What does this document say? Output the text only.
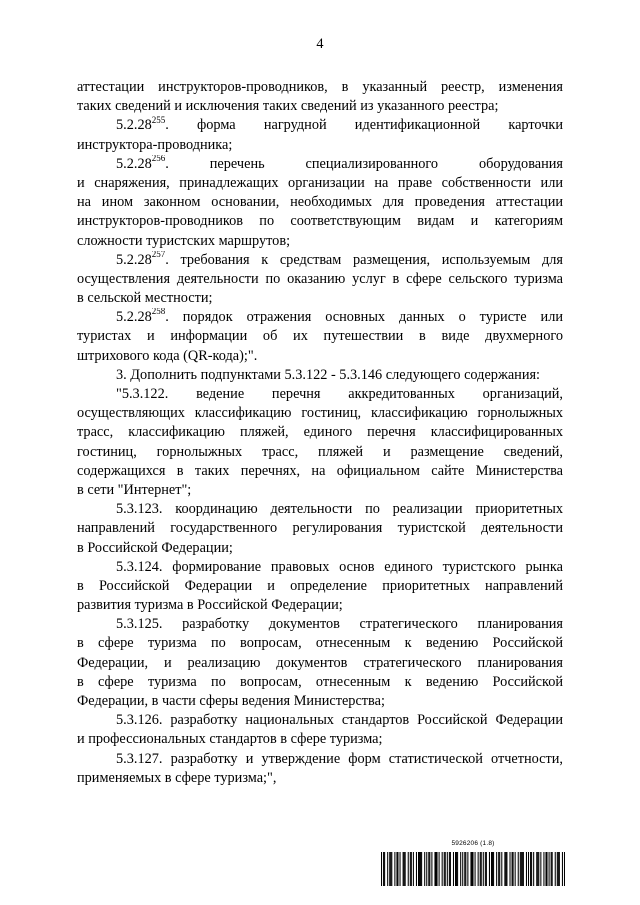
4
аттестации инструкторов-проводников, в указанный реестр, изменения
таких сведений и исключения таких сведений из указанного реестра;
5.2.28$^{255}$. форма нагрудной идентификационной карточки
инструктора-проводника;
5.2.28$^{256}$. перечень специализированного оборудования
и снаряжения, принадлежащих организации на праве собственности или
на ином законном основании, необходимых для проведения аттестации
инструкторов-проводников по соответствующим видам и категориям
сложности туристских маршрутов;
5.2.28$^{257}$. требования к средствам размещения, используемым для
осуществления деятельности по оказанию услуг в сфере сельского туризма
в сельской местности;
5.2.28$^{258}$. порядок отражения основных данных о туристе или
туристах и информации об их путешествии в виде двухмерного
штрихового кода (QR-кода);".
3. Дополнить подпунктами 5.3.122 - 5.3.146 следующего содержания:
"5.3.122. ведение перечня аккредитованных организаций,
осуществляющих классификацию гостиниц, классификацию горнолыжных
трасс, классификацию пляжей, единого перечня классифицированных
гостиниц, горнолыжных трасс, пляжей и размещение сведений,
содержащихся в таких перечнях, на официальном сайте Министерства
в сети "Интернет";
5.3.123. координацию деятельности по реализации приоритетных
направлений государственного регулирования туристской деятельности
в Российской Федерации;
5.3.124. формирование правовых основ единого туристского рынка
в Российской Федерации и определение приоритетных направлений
развития туризма в Российской Федерации;
5.3.125. разработку документов стратегического планирования
в сфере туризма по вопросам, отнесенным к ведению Российской
Федерации, и реализацию документов стратегического планирования
в сфере туризма по вопросам, отнесенным к ведению Российской
Федерации, в части сферы ведения Министерства;
5.3.126. разработку национальных стандартов Российской Федерации
и профессиональных стандартов в сфере туризма;
5.3.127. разработку и утверждение форм статистической отчетности,
применяемых в сфере туризма;",
5926206 (1.8)
